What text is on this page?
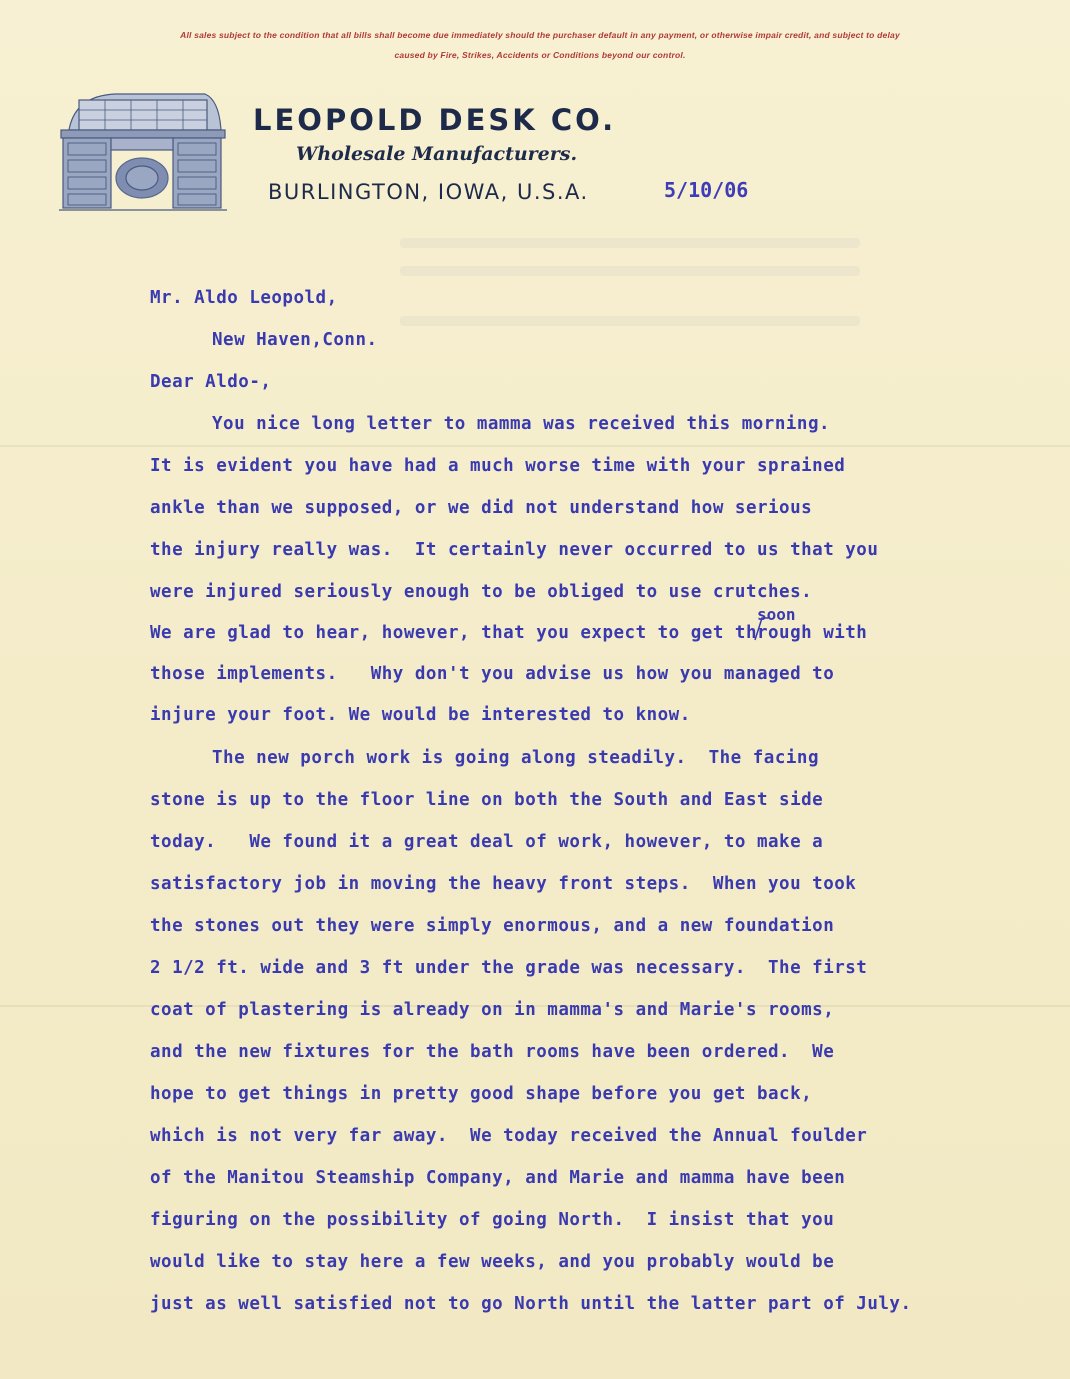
All sales subject to the condition that all bills shall become due immediately should the purchaser default in any payment, or otherwise impair credit, and subject to delay
caused by Fire, Strikes, Accidents or Conditions beyond our control.
LEOPOLD DESK CO.
Wholesale Manufacturers.
BURLINGTON, IOWA, U.S.A.	5/10/06
Mr. Aldo Leopold,
New Haven,Conn.
Dear Aldo-,
You nice long letter to mamma was received this morning.
It is evident you have had a much worse time with your sprained
ankle than we supposed, or we did not understand how serious
the injury really was.  It certainly never occurred to us that you
were injured seriously enough to be obliged to use crutches.
We are glad to hear, however, that you expect to get through with
those implements.   Why don't you advise us how you managed to
injure your foot. We would be interested to know.
The new porch work is going along steadily.  The facing
stone is up to the floor line on both the South and East side
today.   We found it a great deal of work, however, to make a
satisfactory job in moving the heavy front steps.  When you took
the stones out they were simply enormous, and a new foundation
2 1/2 ft. wide and 3 ft under the grade was necessary.  The first
coat of plastering is already on in mamma's and Marie's rooms,
and the new fixtures for the bath rooms have been ordered.  We
hope to get things in pretty good shape before you get back,
which is not very far away.  We today received the Annual foulder
of the Manitou Steamship Company, and Marie and mamma have been
figuring on the possibility of going North.  I insist that you
would like to stay here a few weeks, and you probably would be
just as well satisfied not to go North until the latter part of July.
soon
